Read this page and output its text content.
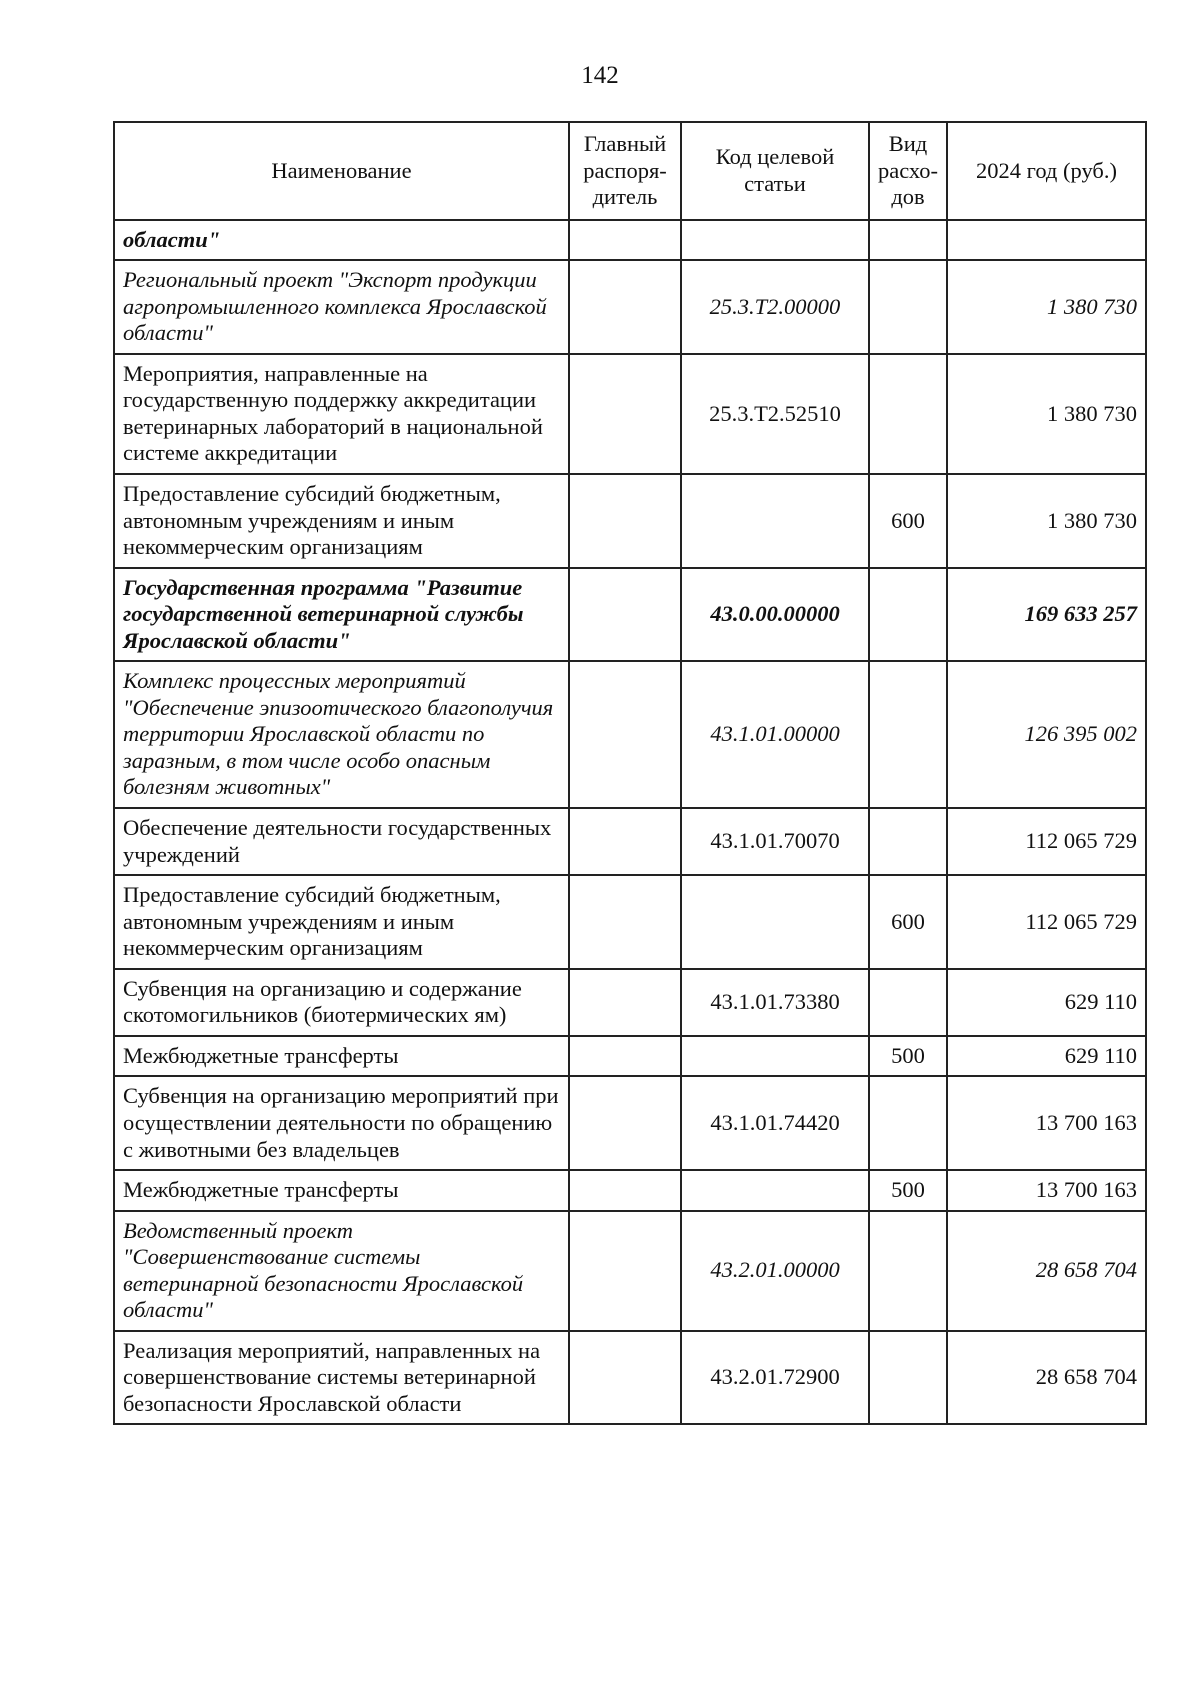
142
Наименование	Главный распоря-дитель	Код целевой статьи	Вид расхо-дов	2024 год (руб.)
области"				
Региональный проект "Экспорт продукции агропромышленного комплекса Ярославской области"		25.3.Т2.00000		1 380 730
Мероприятия, направленные на государственную поддержку аккредитации ветеринарных лабораторий в национальной системе аккредитации		25.3.Т2.52510		1 380 730
Предоставление субсидий бюджетным, автономным учреждениям и иным некоммерческим организациям			600	1 380 730
Государственная программа "Развитие государственной ветеринарной службы Ярославской области"		43.0.00.00000		169 633 257
Комплекс процессных мероприятий "Обеспечение эпизоотического благополучия территории Ярославской области по заразным, в том числе особо опасным болезням животных"		43.1.01.00000		126 395 002
Обеспечение деятельности государственных учреждений		43.1.01.70070		112 065 729
Предоставление субсидий бюджетным, автономным учреждениям и иным некоммерческим организациям			600	112 065 729
Субвенция на организацию и содержание скотомогильников (биотермических ям)		43.1.01.73380		629 110
Межбюджетные трансферты			500	629 110
Субвенция на организацию мероприятий при осуществлении деятельности по обращению с животными без владельцев		43.1.01.74420		13 700 163
Межбюджетные трансферты			500	13 700 163
Ведомственный проект "Совершенствование системы ветеринарной безопасности Ярославской области"		43.2.01.00000		28 658 704
Реализация мероприятий, направленных на совершенствование системы ветеринарной безопасности Ярославской области		43.2.01.72900		28 658 704
